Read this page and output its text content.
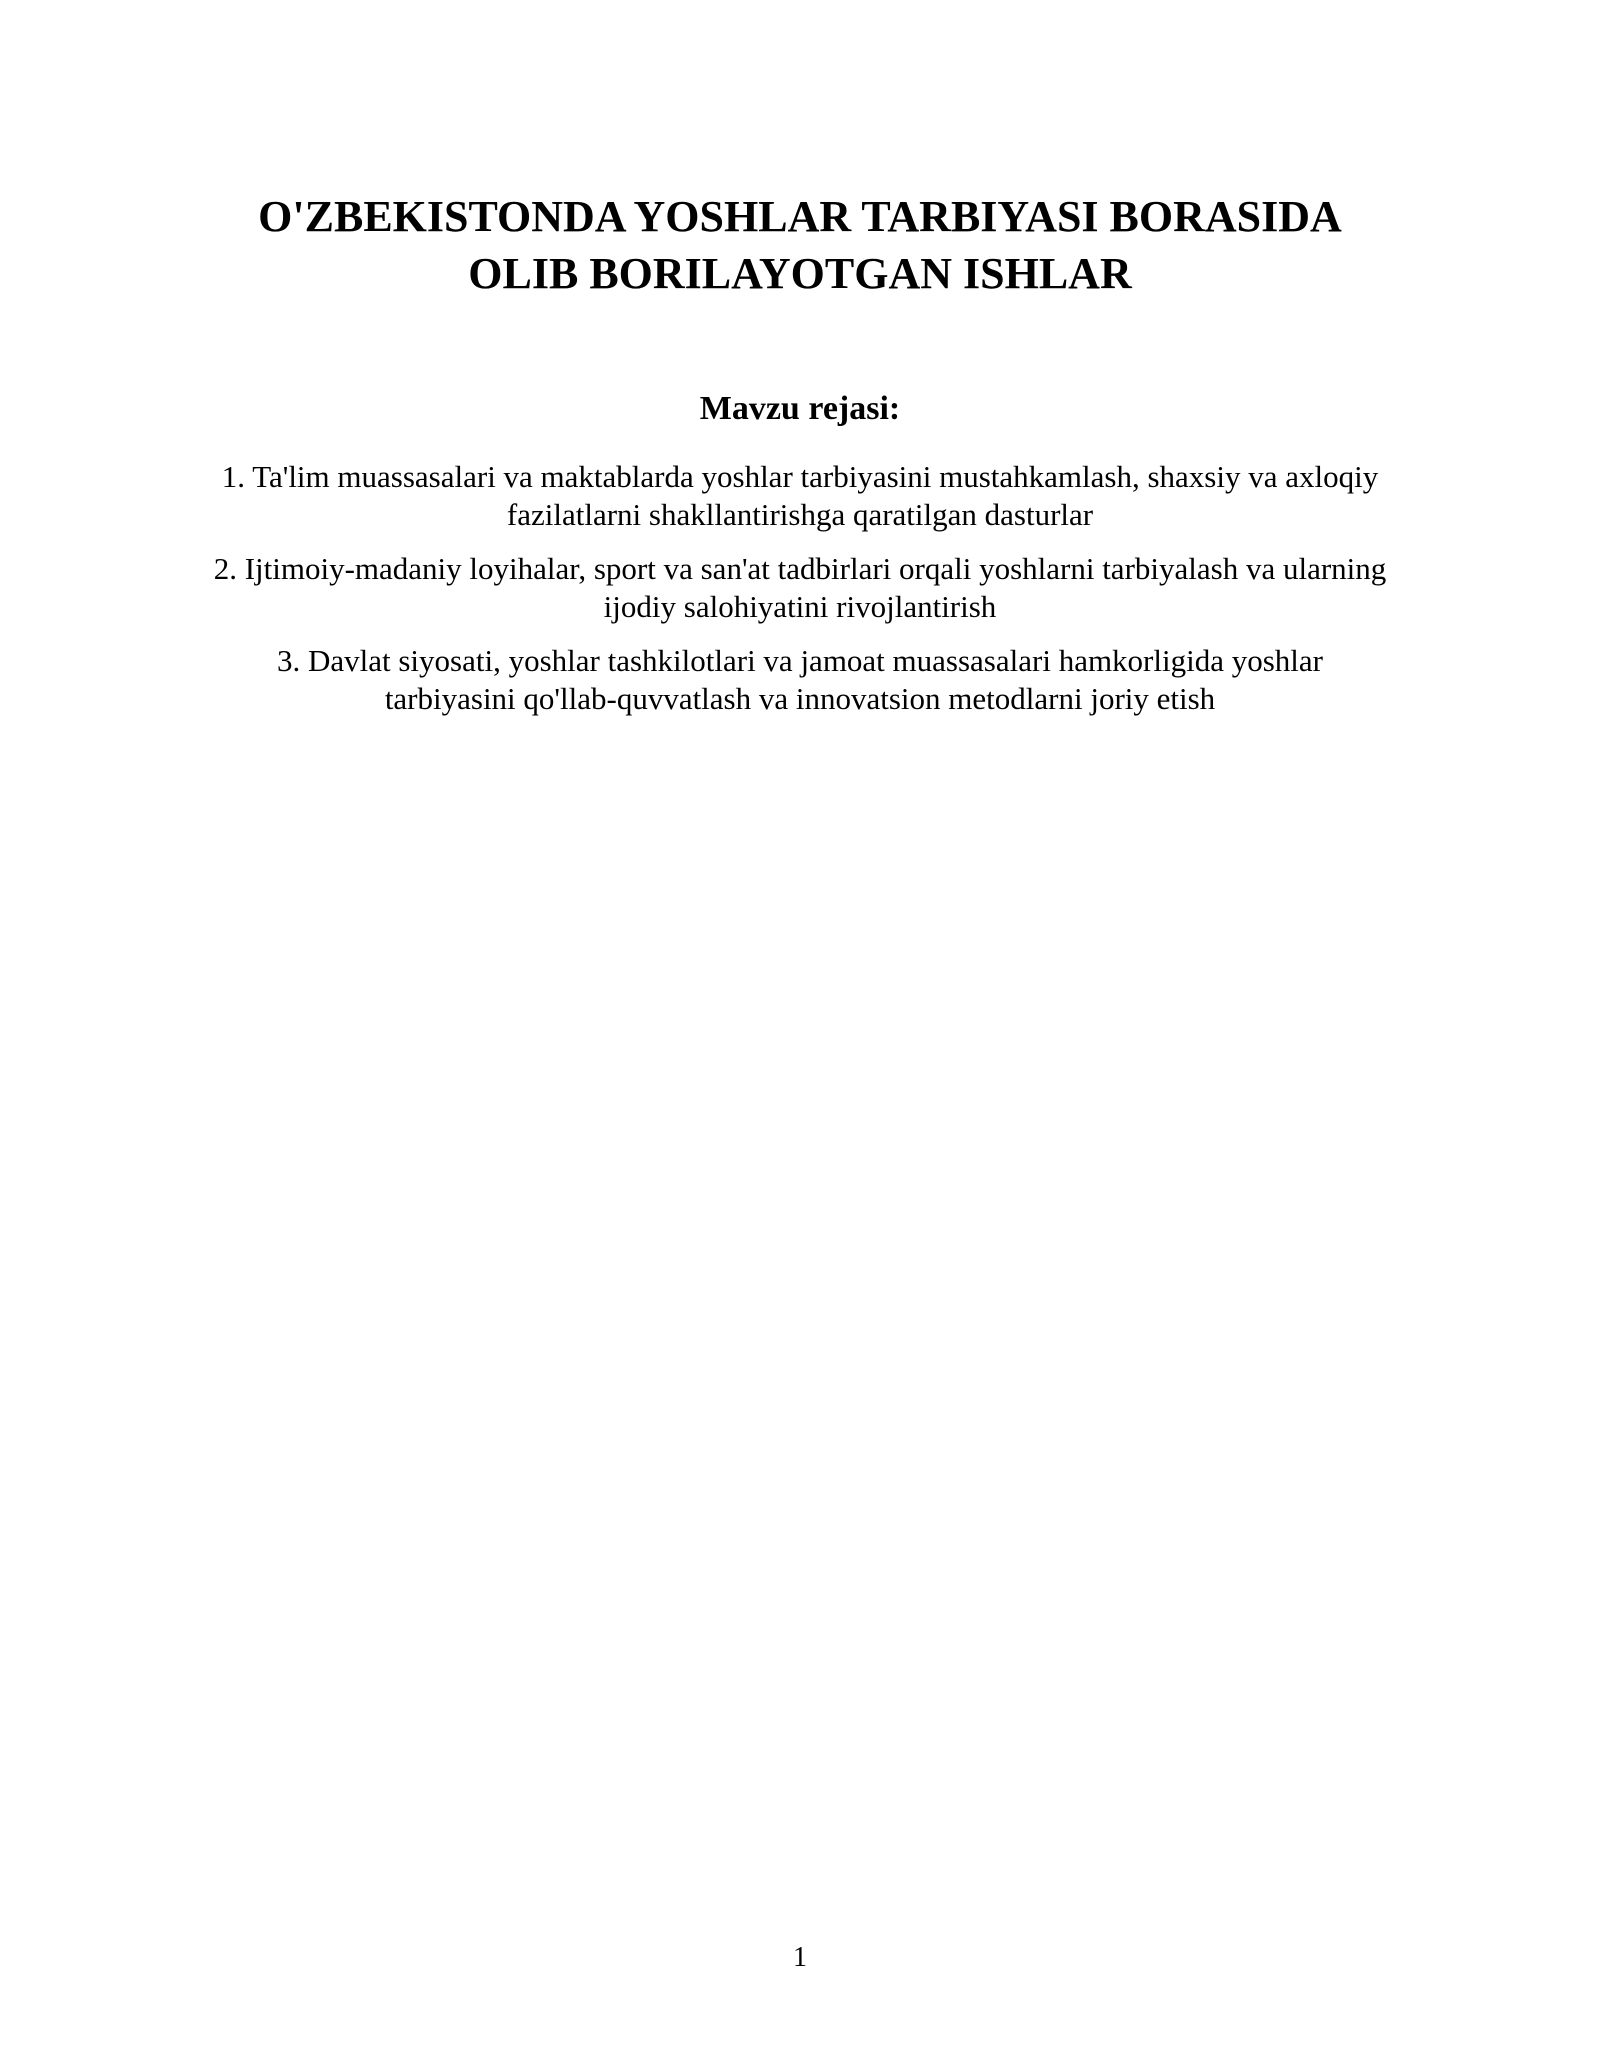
O'ZBEKISTONDA YOSHLAR TARBIYASI BORASIDA
OLIB BORILAYOTGAN ISHLAR
Mavzu rejasi:
1. Ta'lim muassasalari va maktablarda yoshlar tarbiyasini mustahkamlash, shaxsiy va axloqiy fazilatlarni shakllantirishga qaratilgan dasturlar
2. Ijtimoiy-madaniy loyihalar, sport va san'at tadbirlari orqali yoshlarni tarbiyalash va ularning ijodiy salohiyatini rivojlantirish
3. Davlat siyosati, yoshlar tashkilotlari va jamoat muassasalari hamkorligida yoshlar tarbiyasini qo'llab-quvvatlash va innovatsion metodlarni joriy etish
1
